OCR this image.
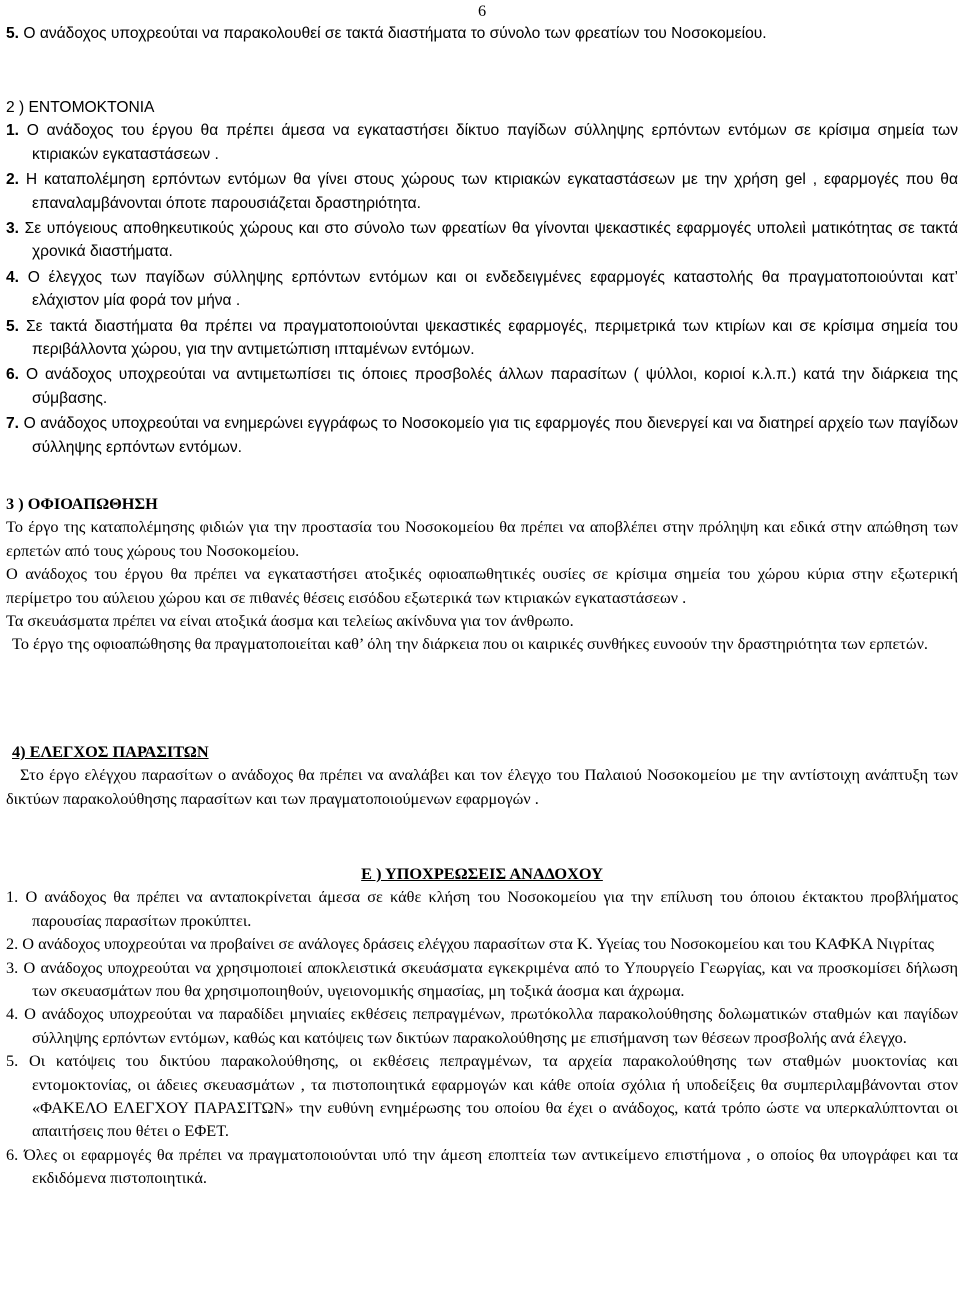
6
5. Ο ανάδοχος υποχρεούται να παρακολουθεί σε τακτά διαστήματα το σύνολο των φρεατίων του Νοσοκομείου.
2 ) ΕΝΤΟΜΟΚΤΟΝΙΑ
1. Ο ανάδοχος του έργου θα πρέπει άμεσα να εγκαταστήσει δίκτυο παγίδων σύλληψης ερπόντων εντόμων σε κρίσιμα σημεία των κτιριακών εγκαταστάσεων .
2. Η καταπολέμηση ερπόντων εντόμων θα γίνει στους χώρους των κτιριακών εγκαταστάσεων με την χρήση gel , εφαρμογές που θα επαναλαμβάνονται όποτε παρουσιάζεται δραστηριότητα.
3. Σε υπόγειους αποθηκευτικούς χώρους και στο σύνολο των φρεατίων θα γίνονται ψεκαστικές εφαρμογές υπολειὶ ματικότητας σε τακτά χρονικά διαστήματα.
4. Ο έλεγχος των παγίδων σύλληψης ερπόντων εντόμων και οι ενδεδειγμένες εφαρμογές καταστολής θα πραγματοποιούνται κατ’ ελάχιστον μία φορά τον μήνα .
5. Σε τακτά διαστήματα θα πρέπει να πραγματοποιούνται ψεκαστικές εφαρμογές, περιμετρικά των κτιρίων και σε κρίσιμα σημεία του περιβάλλοντα χώρου, για την αντιμετώπιση ιπταμένων εντόμων.
6. Ο ανάδοχος υποχρεούται να αντιμετωπίσει τις όποιες προσβολές άλλων παρασίτων ( ψύλλοι, κοριοί κ.λ.π.) κατά την διάρκεια της σύμβασης.
7. Ο ανάδοχος υποχρεούται να ενημερώνει εγγράφως το Νοσοκομείο για τις εφαρμογές που διενεργεί και να διατηρεί αρχείο των παγίδων σύλληψης ερπόντων εντόμων.
3 ) ΟΦΙΟΑΠΩΘΗΣΗ
Το έργο της καταπολέμησης φιδιών για την προστασία του Νοσοκομείου θα πρέπει να αποβλέπει στην πρόληψη και εδικά στην απώθηση των ερπετών από τους χώρους του Νοσοκομείου.
Ο ανάδοχος του έργου θα πρέπει να εγκαταστήσει ατοξικές οφιοαπωθητικές ουσίες σε κρίσιμα σημεία του χώρου κύρια στην εξωτερική περίμετρο του αύλειου χώρου και σε πιθανές θέσεις εισόδου εξωτερικά των κτιριακών εγκαταστάσεων .
Τα σκευάσματα πρέπει να είναι ατοξικά άοσμα και τελείως ακίνδυνα για τον άνθρωπο.
Το έργο της οφιοαπώθησης θα πραγματοποιείται καθ’ όλη την διάρκεια που οι καιρικές συνθήκες ευνοούν την δραστηριότητα των ερπετών.
4) ΕΛΕΓΧΟΣ ΠΑΡΑΣΙΤΩΝ
Στο έργο ελέγχου παρασίτων ο ανάδοχος θα πρέπει να αναλάβει και τον έλεγχο του Παλαιού Νοσοκομείου με την αντίστοιχη ανάπτυξη των δικτύων παρακολούθησης παρασίτων και των πραγματοποιούμενων εφαρμογών .
Ε ) ΥΠΟΧΡΕΩΣΕΙΣ ΑΝΑΔΟΧΟΥ
1. Ο ανάδοχος θα πρέπει να ανταποκρίνεται άμεσα σε κάθε κλήση του Νοσοκομείου για την επίλυση του όποιου έκτακτου προβλήματος παρουσίας παρασίτων προκύπτει.
2. Ο ανάδοχος υποχρεούται να προβαίνει σε ανάλογες δράσεις ελέγχου παρασίτων στα Κ. Υγείας του Νοσοκομείου και του ΚΑΦΚΑ Νιγρίτας
3. Ο ανάδοχος υποχρεούται να χρησιμοποιεί αποκλειστικά σκευάσματα εγκεκριμένα από το Υπουργείο Γεωργίας, και να προσκομίσει δήλωση των σκευασμάτων που θα χρησιμοποιηθούν, υγειονομικής σημασίας, μη τοξικά άοσμα και άχρωμα.
4. Ο ανάδοχος υποχρεούται να παραδίδει μηνιαίες εκθέσεις πεπραγμένων, πρωτόκολλα παρακολούθησης δολωματικών σταθμών και παγίδων σύλληψης ερπόντων εντόμων, καθώς και κατόψεις των δικτύων παρακολούθησης με επισήμανση των θέσεων προσβολής ανά έλεγχο.
5. Οι κατόψεις του δικτύου παρακολούθησης, οι εκθέσεις πεπραγμένων, τα αρχεία παρακολούθησης των σταθμών μυοκτονίας και εντομοκτονίας, οι άδειες σκευασμάτων , τα πιστοποιητικά εφαρμογών και κάθε οποία σχόλια ή υποδείξεις θα συμπεριλαμβάνονται στον «ΦΑΚΕΛΟ ΕΛΕΓΧΟΥ ΠΑΡΑΣΙΤΩΝ» την ευθύνη ενημέρωσης του οποίου θα έχει ο ανάδοχος, κατά τρόπο ώστε να υπερκαλύπτονται οι απαιτήσεις που θέτει ο ΕΦΕΤ.
6. Όλες οι εφαρμογές θα πρέπει να πραγματοποιούνται υπό την άμεση εποπτεία των αντικείμενο επιστήμονα , ο οποίος θα υπογράφει και τα εκδιδόμενα πιστοποιητικά.
